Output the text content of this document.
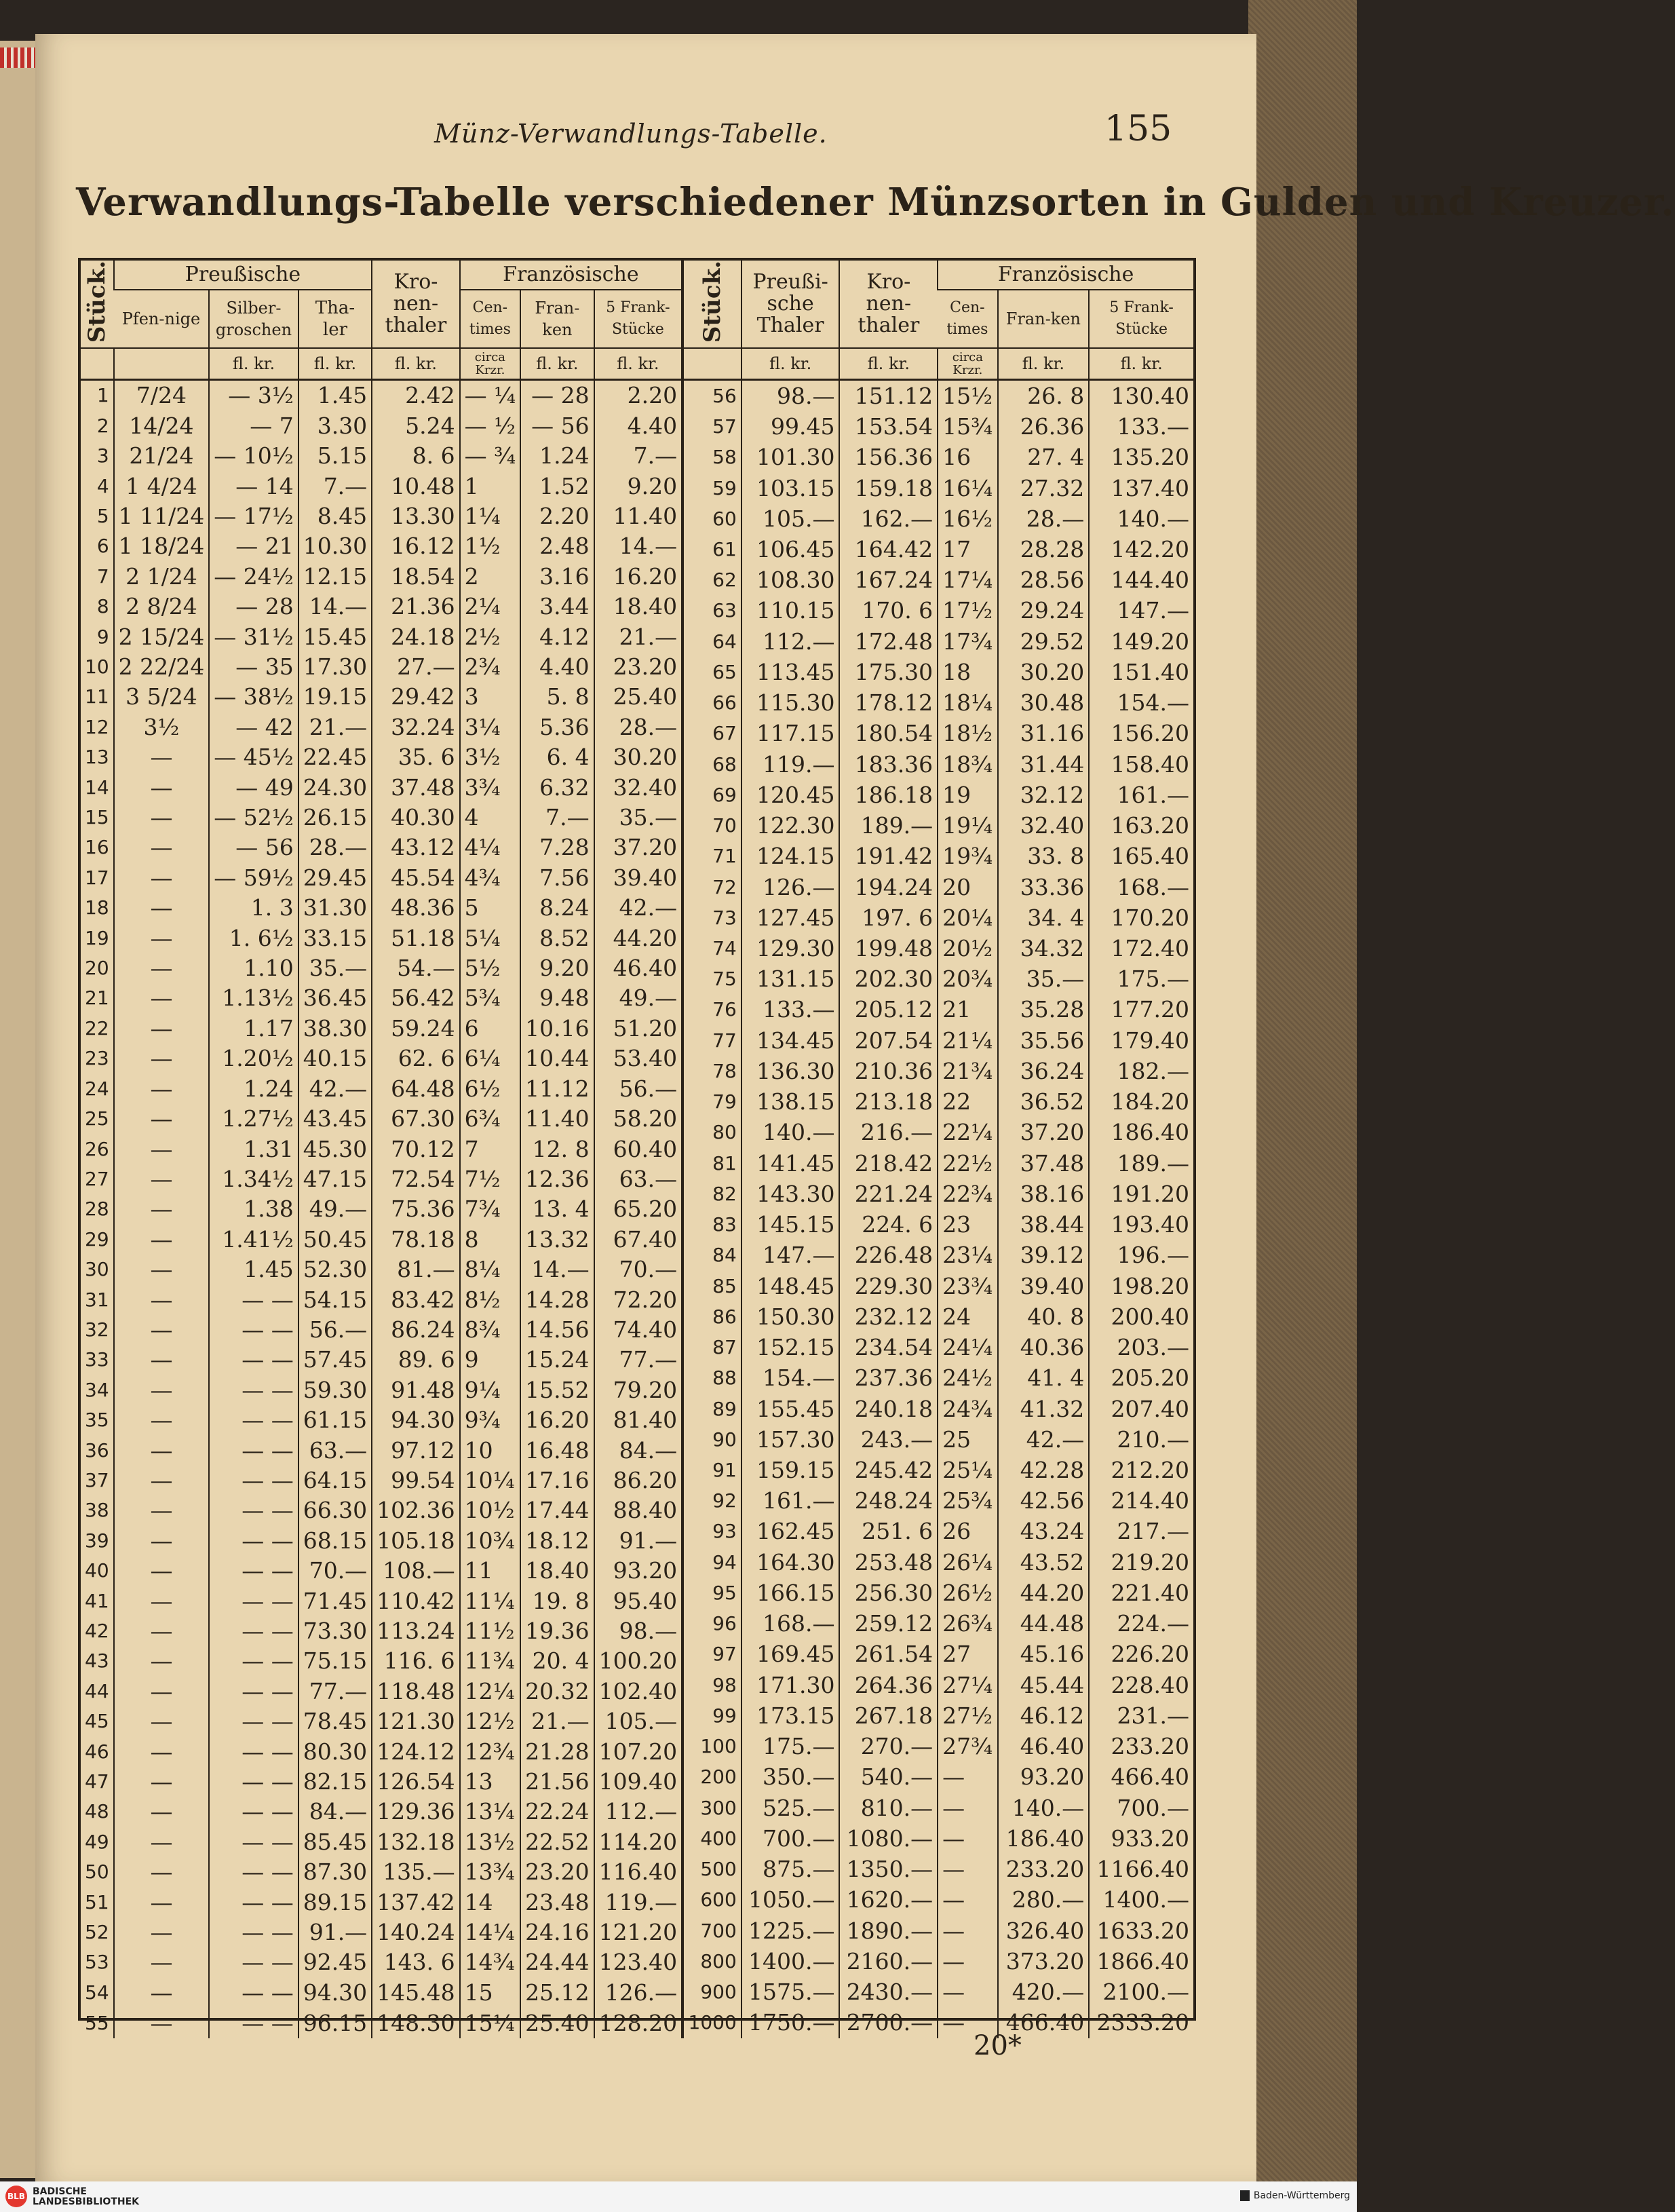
Münz-Verwandlungs-Tabelle.	155
Verwandlungs-Tabelle verschiedener Münzsorten in Gulden und Kreuzer.
Stück.	Preußische			Kro-nen-thaler	Französische		
	Pfen-nige	Silber-groschen	Tha-ler		Cen-times	Fran-ken	5 Frank-Stücke
		fl. kr.	fl. kr.	fl. kr.	circa Krzr.	fl. kr.	fl. kr.
1	7/24	— 3½	1.45	2.42	— ¼	— 28	2.20
2	14/24	— 7	3.30	5.24	— ½	— 56	4.40
3	21/24	— 10½	5.15	8. 6	— ¾	1.24	7.—
4	1 4/24	— 14	7.—	10.48	1	1.52	9.20
5	1 11/24	— 17½	8.45	13.30	1¼	2.20	11.40
6	1 18/24	— 21	10.30	16.12	1½	2.48	14.—
7	2 1/24	— 24½	12.15	18.54	2	3.16	16.20
8	2 8/24	— 28	14.—	21.36	2¼	3.44	18.40
9	2 15/24	— 31½	15.45	24.18	2½	4.12	21.—
10	2 22/24	— 35	17.30	27.—	2¾	4.40	23.20
11	3 5/24	— 38½	19.15	29.42	3	5. 8	25.40
12	3½	— 42	21.—	32.24	3¼	5.36	28.—
13	—	— 45½	22.45	35. 6	3½	6. 4	30.20
14	—	— 49	24.30	37.48	3¾	6.32	32.40
15	—	— 52½	26.15	40.30	4	7.—	35.—
16	—	— 56	28.—	43.12	4¼	7.28	37.20
17	—	— 59½	29.45	45.54	4¾	7.56	39.40
18	—	1. 3	31.30	48.36	5	8.24	42.—
19	—	1. 6½	33.15	51.18	5¼	8.52	44.20
20	—	1.10	35.—	54.—	5½	9.20	46.40
21	—	1.13½	36.45	56.42	5¾	9.48	49.—
22	—	1.17	38.30	59.24	6	10.16	51.20
23	—	1.20½	40.15	62. 6	6¼	10.44	53.40
24	—	1.24	42.—	64.48	6½	11.12	56.—
25	—	1.27½	43.45	67.30	6¾	11.40	58.20
26	—	1.31	45.30	70.12	7	12. 8	60.40
27	—	1.34½	47.15	72.54	7½	12.36	63.—
28	—	1.38	49.—	75.36	7¾	13. 4	65.20
29	—	1.41½	50.45	78.18	8	13.32	67.40
30	—	1.45	52.30	81.—	8¼	14.—	70.—
31	—	— —	54.15	83.42	8½	14.28	72.20
32	—	— —	56.—	86.24	8¾	14.56	74.40
33	—	— —	57.45	89. 6	9	15.24	77.—
34	—	— —	59.30	91.48	9¼	15.52	79.20
35	—	— —	61.15	94.30	9¾	16.20	81.40
36	—	— —	63.—	97.12	10	16.48	84.—
37	—	— —	64.15	99.54	10¼	17.16	86.20
38	—	— —	66.30	102.36	10½	17.44	88.40
39	—	— —	68.15	105.18	10¾	18.12	91.—
40	—	— —	70.—	108.—	11	18.40	93.20
41	—	— —	71.45	110.42	11¼	19. 8	95.40
42	—	— —	73.30	113.24	11½	19.36	98.—
43	—	— —	75.15	116. 6	11¾	20. 4	100.20
44	—	— —	77.—	118.48	12¼	20.32	102.40
45	—	— —	78.45	121.30	12½	21.—	105.—
46	—	— —	80.30	124.12	12¾	21.28	107.20
47	—	— —	82.15	126.54	13	21.56	109.40
48	—	— —	84.—	129.36	13¼	22.24	112.—
49	—	— —	85.45	132.18	13½	22.52	114.20
50	—	— —	87.30	135.—	13¾	23.20	116.40
51	—	— —	89.15	137.42	14	23.48	119.—
52	—	— —	91.—	140.24	14¼	24.16	121.20
53	—	— —	92.45	143. 6	14¾	24.44	123.40
54	—	— —	94.30	145.48	15	25.12	126.—
55	—	— —	96.15	148.30	15¼	25.40	128.20
Stück.	Preußi-sche Thaler	Kro-nen-thaler	Französische		
			Cen-times	Fran-ken	5 Frank-Stücke
	fl. kr.	fl. kr.	circa Krzr.	fl. kr.	fl. kr.
56	98.—	151.12	15½	26. 8	130.40
57	99.45	153.54	15¾	26.36	133.—
58	101.30	156.36	16	27. 4	135.20
59	103.15	159.18	16¼	27.32	137.40
60	105.—	162.—	16½	28.—	140.—
61	106.45	164.42	17	28.28	142.20
62	108.30	167.24	17¼	28.56	144.40
63	110.15	170. 6	17½	29.24	147.—
64	112.—	172.48	17¾	29.52	149.20
65	113.45	175.30	18	30.20	151.40
66	115.30	178.12	18¼	30.48	154.—
67	117.15	180.54	18½	31.16	156.20
68	119.—	183.36	18¾	31.44	158.40
69	120.45	186.18	19	32.12	161.—
70	122.30	189.—	19¼	32.40	163.20
71	124.15	191.42	19¾	33. 8	165.40
72	126.—	194.24	20	33.36	168.—
73	127.45	197. 6	20¼	34. 4	170.20
74	129.30	199.48	20½	34.32	172.40
75	131.15	202.30	20¾	35.—	175.—
76	133.—	205.12	21	35.28	177.20
77	134.45	207.54	21¼	35.56	179.40
78	136.30	210.36	21¾	36.24	182.—
79	138.15	213.18	22	36.52	184.20
80	140.—	216.—	22¼	37.20	186.40
81	141.45	218.42	22½	37.48	189.—
82	143.30	221.24	22¾	38.16	191.20
83	145.15	224. 6	23	38.44	193.40
84	147.—	226.48	23¼	39.12	196.—
85	148.45	229.30	23¾	39.40	198.20
86	150.30	232.12	24	40. 8	200.40
87	152.15	234.54	24¼	40.36	203.—
88	154.—	237.36	24½	41. 4	205.20
89	155.45	240.18	24¾	41.32	207.40
90	157.30	243.—	25	42.—	210.—
91	159.15	245.42	25¼	42.28	212.20
92	161.—	248.24	25¾	42.56	214.40
93	162.45	251. 6	26	43.24	217.—
94	164.30	253.48	26¼	43.52	219.20
95	166.15	256.30	26½	44.20	221.40
96	168.—	259.12	26¾	44.48	224.—
97	169.45	261.54	27	45.16	226.20
98	171.30	264.36	27¼	45.44	228.40
99	173.15	267.18	27½	46.12	231.—
100	175.—	270.—	27¾	46.40	233.20
200	350.—	540.—	—	93.20	466.40
300	525.—	810.—	—	140.—	700.—
400	700.—	1080.—	—	186.40	933.20
500	875.—	1350.—	—	233.20	1166.40
600	1050.—	1620.—	—	280.—	1400.—
700	1225.—	1890.—	—	326.40	1633.20
800	1400.—	2160.—	—	373.20	1866.40
900	1575.—	2430.—	—	420.—	2100.—
1000	1750.—	2700.—	—	466.40	2333.20
20*
BLB BADISCHE
LANDESBIBLIOTHEK
Baden-Württemberg
